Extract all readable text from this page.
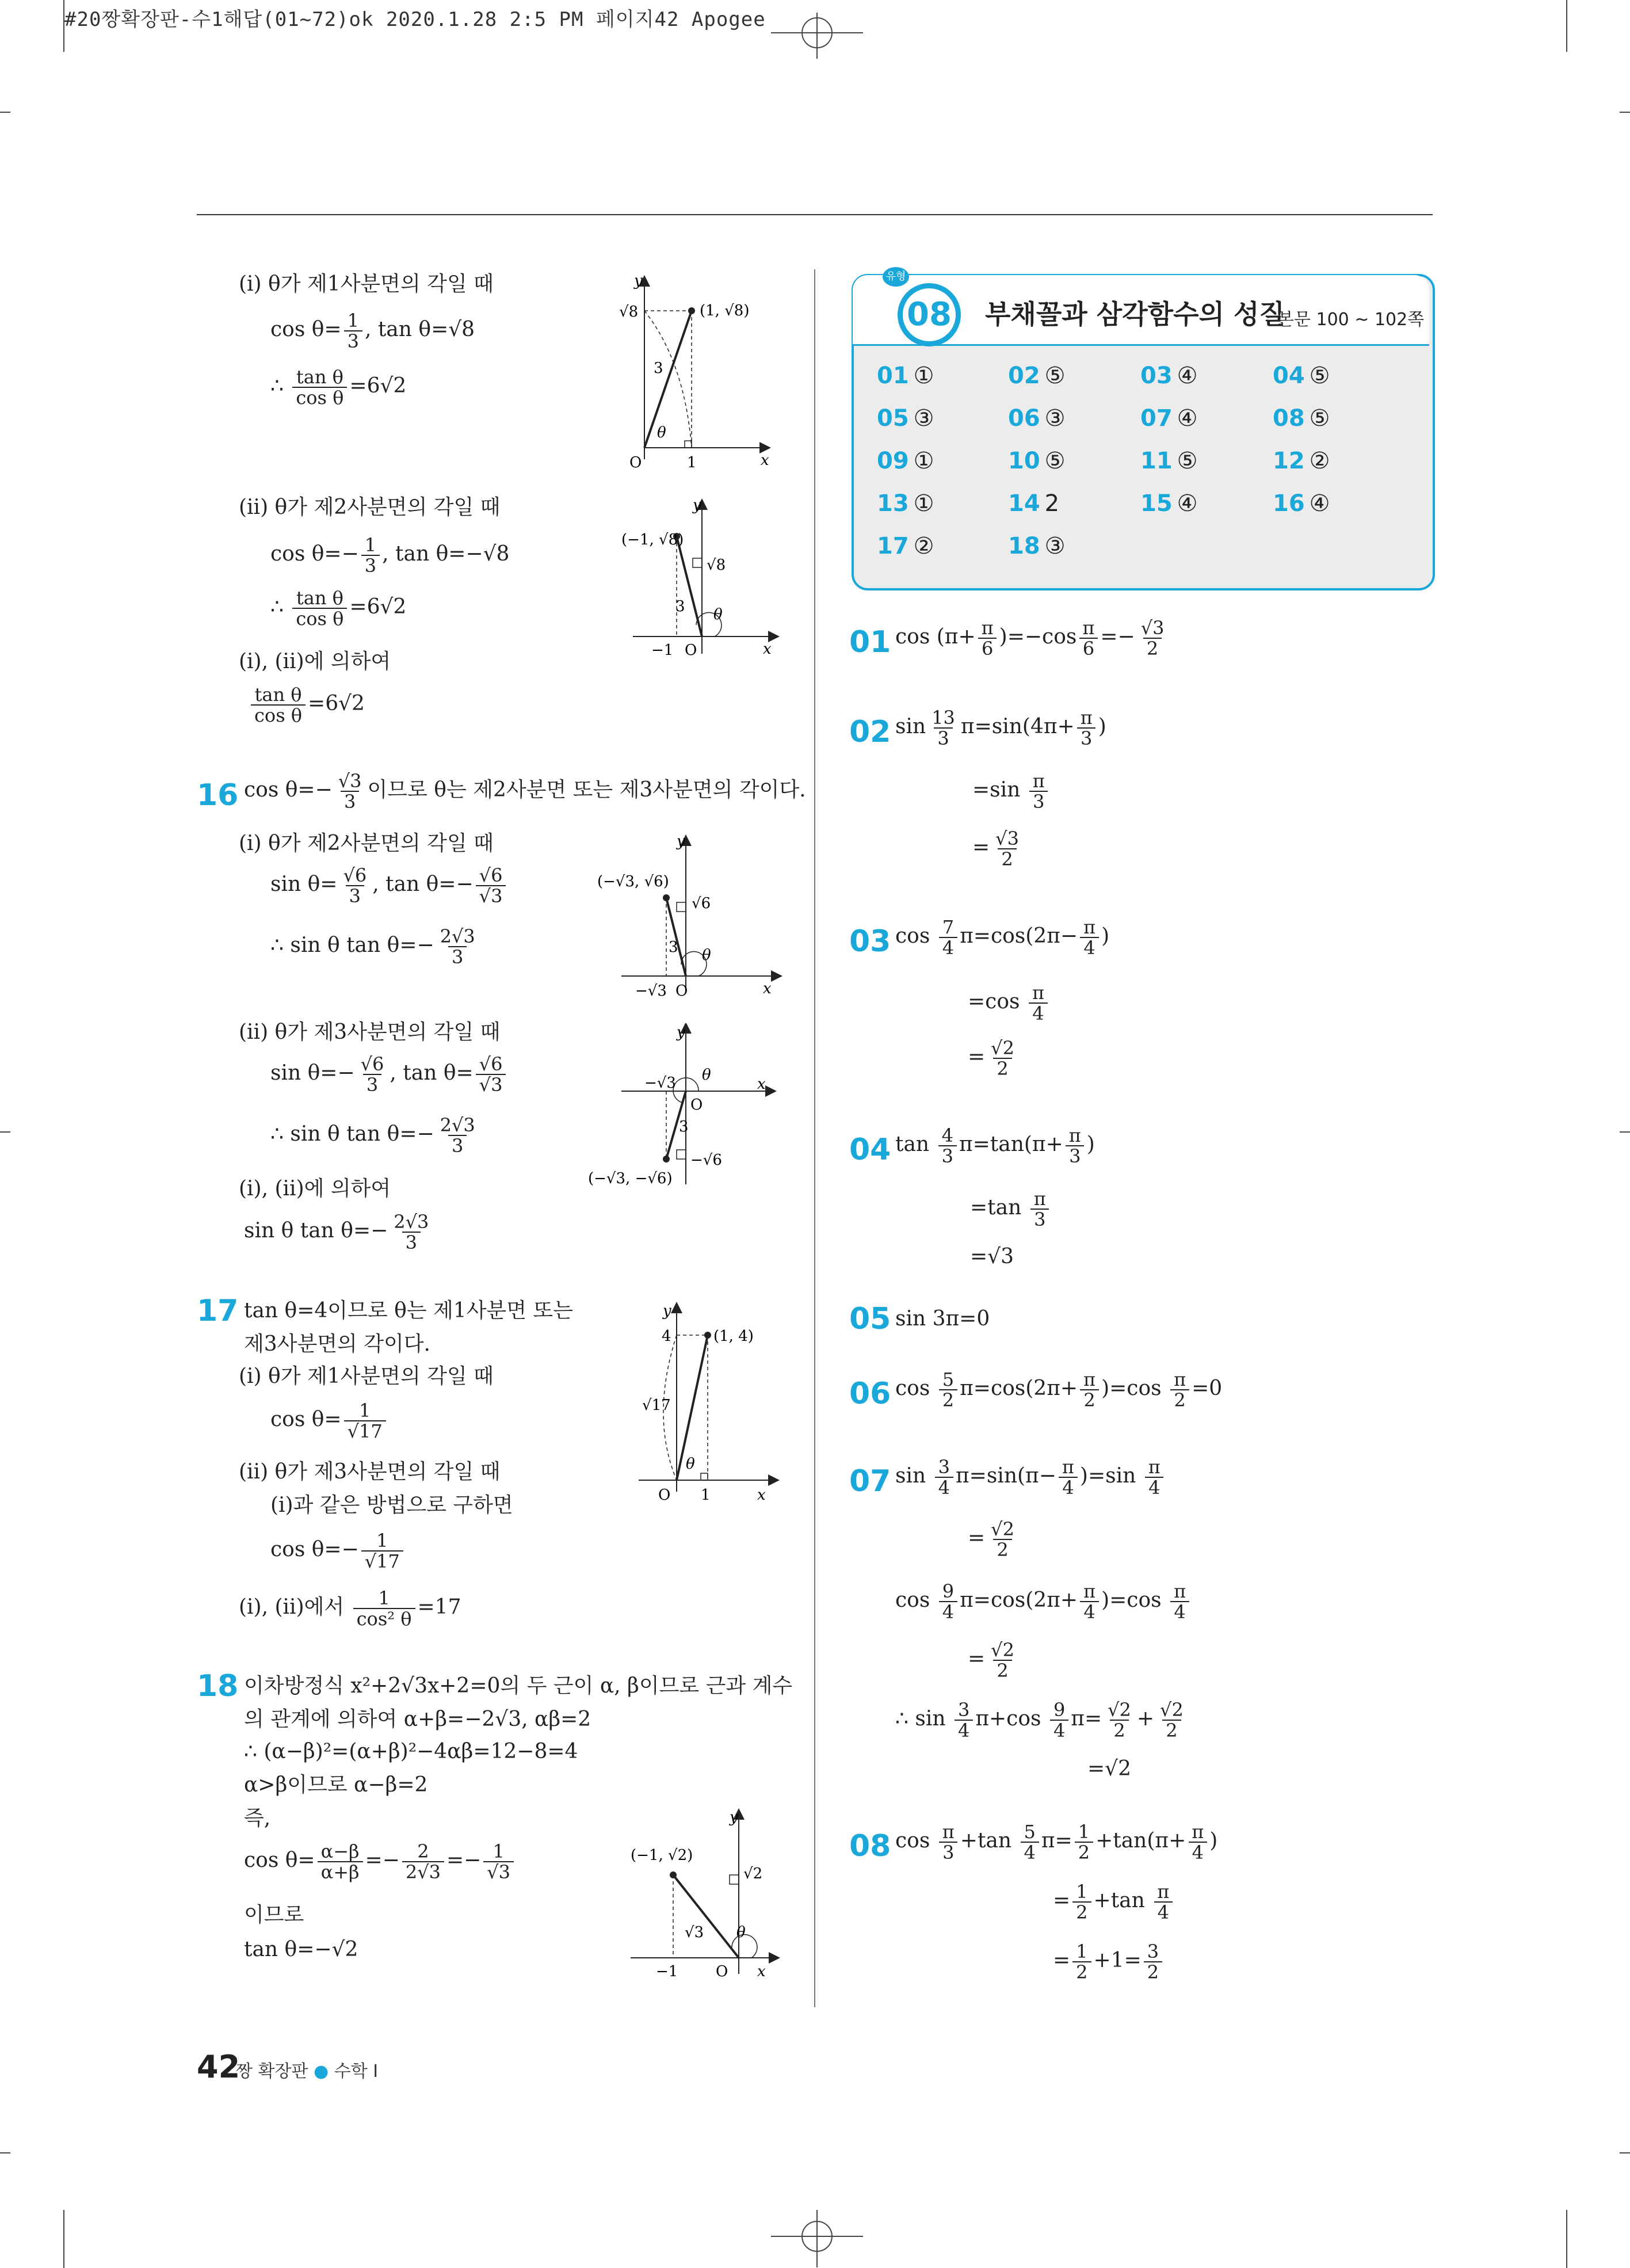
#20짱확장판-수1해답(01~72)ok 2020.1.28 2:5 PM 페이지42 Apogee
(ⅰ) θ가 제1사분면의 각일 때
$\cos \theta= \frac{1}{3}$ , tan θ=√8
∴ $\frac{\text{tan θ}}{\text{cos θ}} =6√2$
(ⅱ) θ가 제2사분면의 각일 때
$\cos \theta=- \frac{1}{3}$ , tan θ=−√8
∴ $\frac{\text{tan θ}}{\text{cos θ}} =6√2$
(ⅰ), (ⅱ)에 의하여
$\frac{\text{tan θ}}{\text{cos θ}} =6√2$
16 $\cos \theta=- \frac{√3}{3}$ 이므로 θ는 제2사분면 또는 제3사분면의 각이다.
(ⅰ) θ가 제2사분면의 각일 때
$\sin \theta= \frac{√6}{3}$ , $\tan \theta=- \frac{√6}{√3}$
∴ sin θ $\tan \theta=- \frac{2√3}{3}$
(ⅱ) θ가 제3사분면의 각일 때
$\sin \theta=- \frac{√6}{3}$ , $\tan \theta= \frac{√6}{√3}$
∴ sin θ $\tan \theta=- \frac{2√3}{3}$
(ⅰ), (ⅱ)에 의하여
sin θ $\tan \theta=- \frac{2√3}{3}$
17 tan θ=4이므로 θ는 제1사분면 또는
제3사분면의 각이다.
(ⅰ) θ가 제1사분면의 각일 때
$\cos \theta= \frac{1}{√17}$
(ⅱ) θ가 제3사분면의 각일 때
(ⅰ)과 같은 방법으로 구하면
$\cos \theta=- \frac{1}{√17}$
(ⅰ), (ⅱ)에서 $\frac{1}{\text{cos² θ}} =17$
18 이차방정식 x²+2√3x+2=0의 두 근이 α, β이므로 근과 계수
의 관계에 의하여 α+β=−2√3, αβ=2
∴ (α−β)²=(α+β)²−4αβ=12−8=4
α>β이므로 α−β=2
즉,
$\cos \theta= \frac{\alpha-\beta}{\alpha+\beta} =- \frac{2}{2√3} =- \frac{1}{√3}$
이므로
tan θ=−√2
y
x
O
(1, √8)
√8
1
3
θ
y
x
O
(−1, √8)
√8
−1
3 θ
y
x
O
(−√3, √6)
√6
−√3
3 θ
y
x
O
(−√3, −√6)
−√6
−√3
3
θ
y
x
O
(1, 4)
4
1
√17
θ
y
x
O
(−1, √2)
√2
−1
√3 θ
유형
08	부채꼴과 삼각함수의 성질
본문 100 ~ 102쪽
01 ①	02 ⑤	03 ④	04 ⑤
05 ③	06 ③	07 ④	08 ⑤
09 ①	10 ⑤	11 ⑤	12 ②
13 ①	14 2	15 ④	16 ④
17 ②	18 ③
01 $\cos (\pi+ \frac{\pi}{6} )=-\cos \frac{\pi}{6} =- \frac{√3}{2}$
02 $\sin \frac{13}{3} \pi=\sin(4\pi+ \frac{\pi}{3}$ )
$=\sin \frac{\pi}{3}$
= $\frac{√3}{2}$
03 $\cos \frac{7}{4} \pi=\cos(2\pi- \frac{\pi}{4}$ )
$=\cos \frac{\pi}{4}$
= $\frac{√2}{2}$
04 $\tan \frac{4}{3} \pi=\tan(\pi+ \frac{\pi}{3}$ )
$=\tan \frac{\pi}{3}$
=√3
05 sin 3π=0
06 $\cos \frac{5}{2} \pi=\cos(2\pi+ \frac{\pi}{2} )=\cos \frac{\pi}{2} =0$
07 $\sin \frac{3}{4} \pi=\sin(\pi- \frac{\pi}{4} )=\sin \frac{\pi}{4}$
= $\frac{√2}{2}$
$\cos \frac{9}{4} \pi=\cos(2\pi+ \frac{\pi}{4} )=\cos \frac{\pi}{4}$
= $\frac{√2}{2}$
∴ $\sin \frac{3}{4} \pi+\cos \frac{9}{4} \pi= \frac{√2}{2} + \frac{√2}{2}$
=√2
08 $\cos \frac{\pi}{3} +\tan \frac{5}{4} \pi= \frac{1}{2} +\tan(\pi+ \frac{\pi}{4}$ )
= $\frac{1}{2} +\tan \frac{\pi}{4}$
= $\frac{1}{2} +1= \frac{3}{2}$
42
짱 확장판 ● 수학 Ⅰ
